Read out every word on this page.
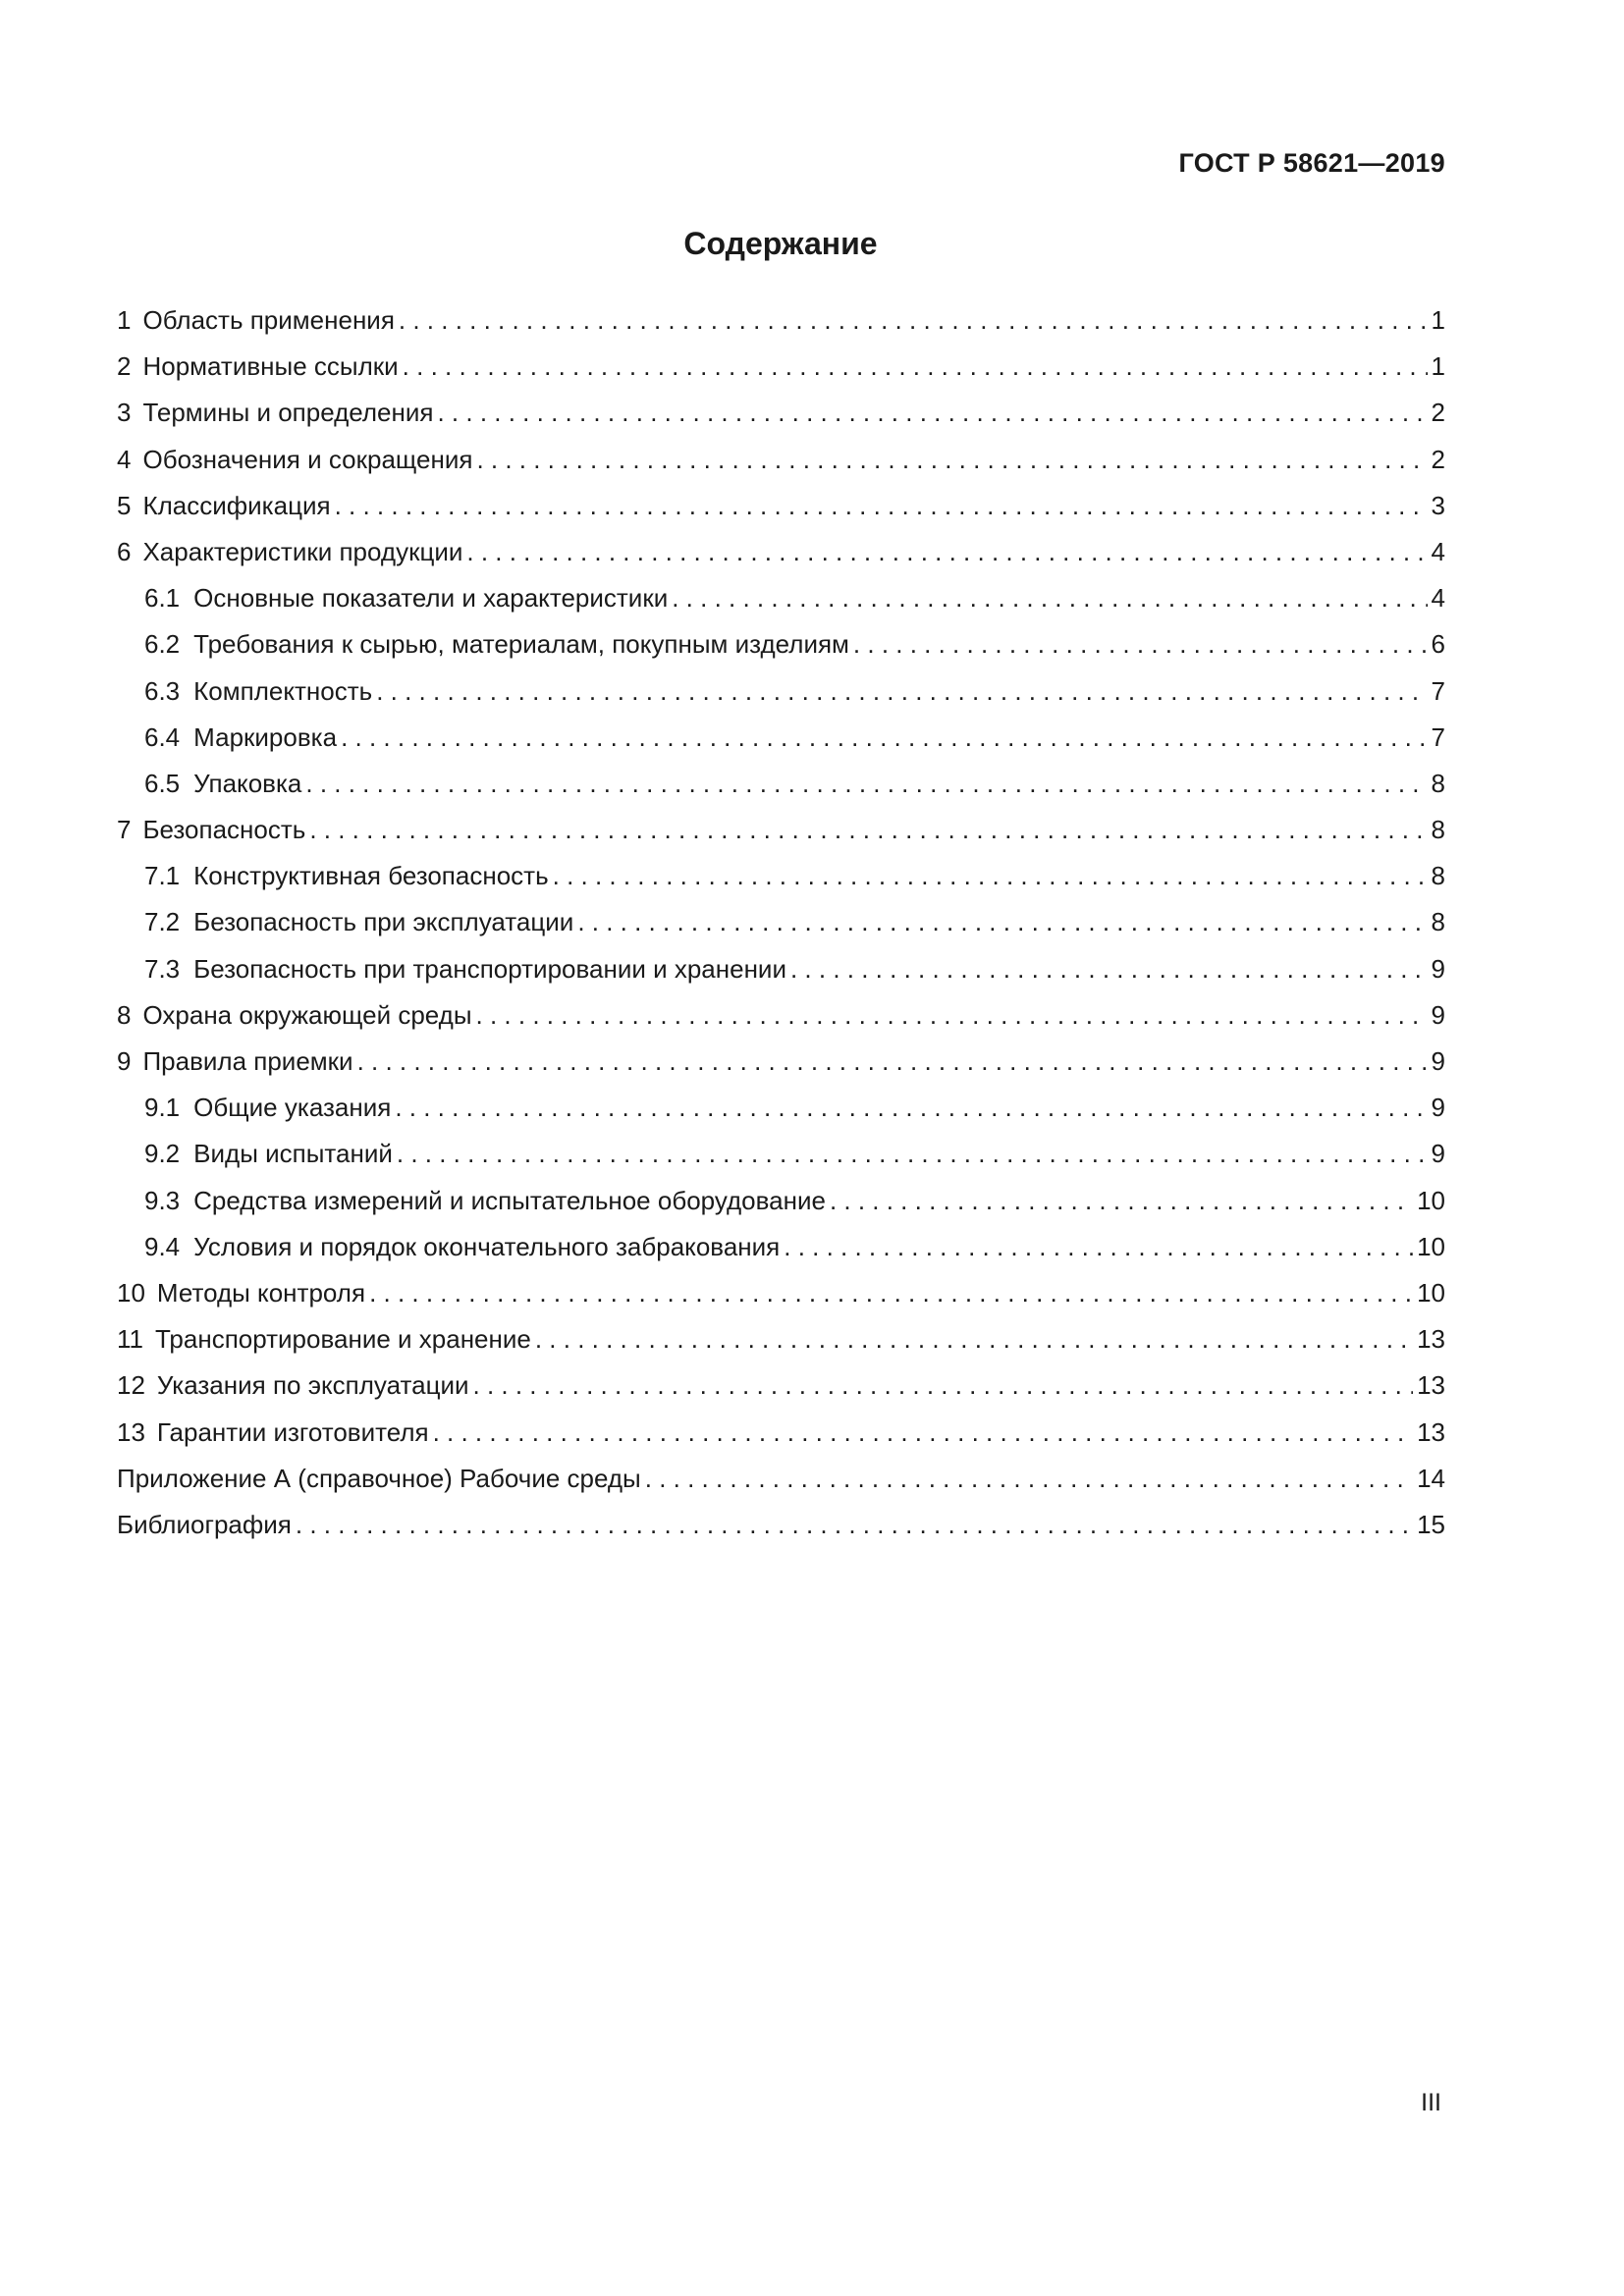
ГОСТ Р 58621—2019
Содержание
1 Область применения . . .	1
2 Нормативные ссылки . . .	1
3 Термины и определения . . .	2
4 Обозначения и сокращения . . .	2
5 Классификация . . .	3
6 Характеристики продукции . . .	4
6.1 Основные показатели и характеристики . . .	4
6.2 Требования к сырью, материалам, покупным изделиям . . .	6
6.3 Комплектность . . .	7
6.4 Маркировка . . .	7
6.5 Упаковка . . .	8
7 Безопасность . . .	8
7.1 Конструктивная безопасность . . .	8
7.2 Безопасность при эксплуатации . . .	8
7.3 Безопасность при транспортировании и хранении . . .	9
8 Охрана окружающей среды . . .	9
9 Правила приемки . . .	9
9.1 Общие указания . . .	9
9.2 Виды испытаний . . .	9
9.3 Средства измерений и испытательное оборудование . . .	10
9.4 Условия и порядок окончательного забракования . . .	10
10 Методы контроля . . .	10
11 Транспортирование и хранение . . .	13
12 Указания по эксплуатации . . .	13
13 Гарантии изготовителя . . .	13
Приложение А (справочное) Рабочие среды . . .	14
Библиография . . .	15
III
